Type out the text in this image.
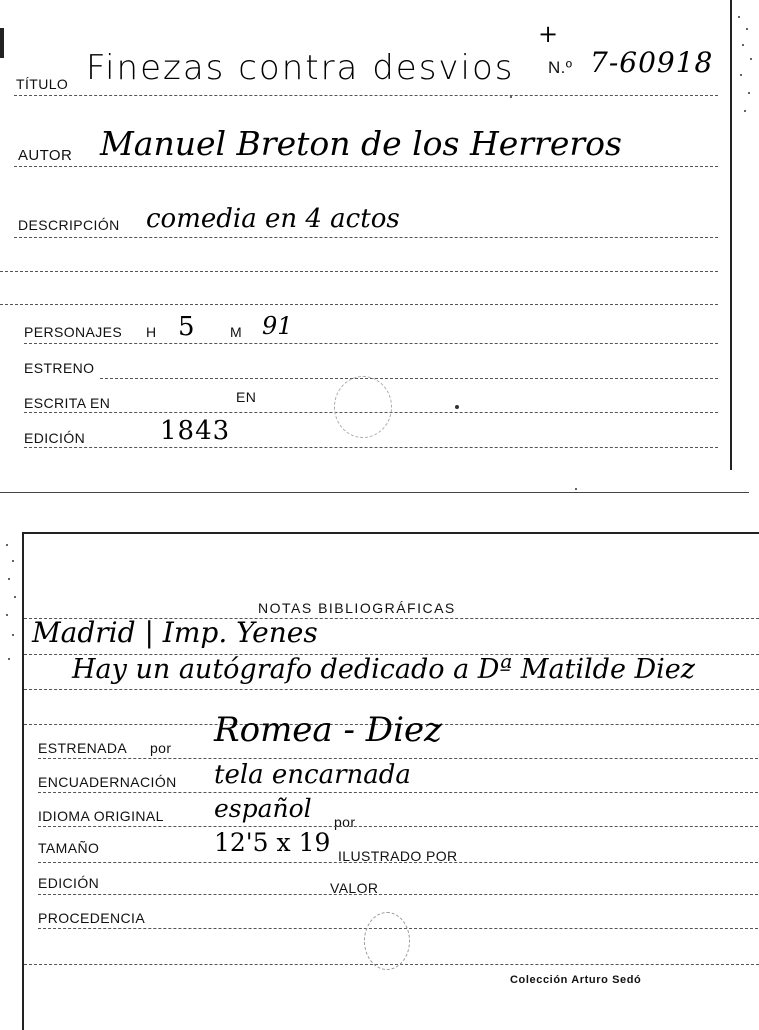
TÍTULO Finezas contra desvios
+
N.º 7-60918
AUTOR Manuel Breton de los Herreros
DESCRIPCIÓN comedia en 4 actos
PERSONAJES H 5	M 91
ESTRENO
ESCRITA EN	EN
EDICIÓN	1843
NOTAS BIBLIOGRÁFICAS
Madrid | Imp. Yenes
Hay un autógrafo dedicado a Dª Matilde Diez
ESTRENADA por Romea - Diez
ENCUADERNACIÓN tela encarnada
IDIOMA ORIGINAL español por
TAMAÑO	12'5 x 19 ILUSTRADO POR
EDICIÓN	VALOR
PROCEDENCIA
Colección Arturo Sedó
